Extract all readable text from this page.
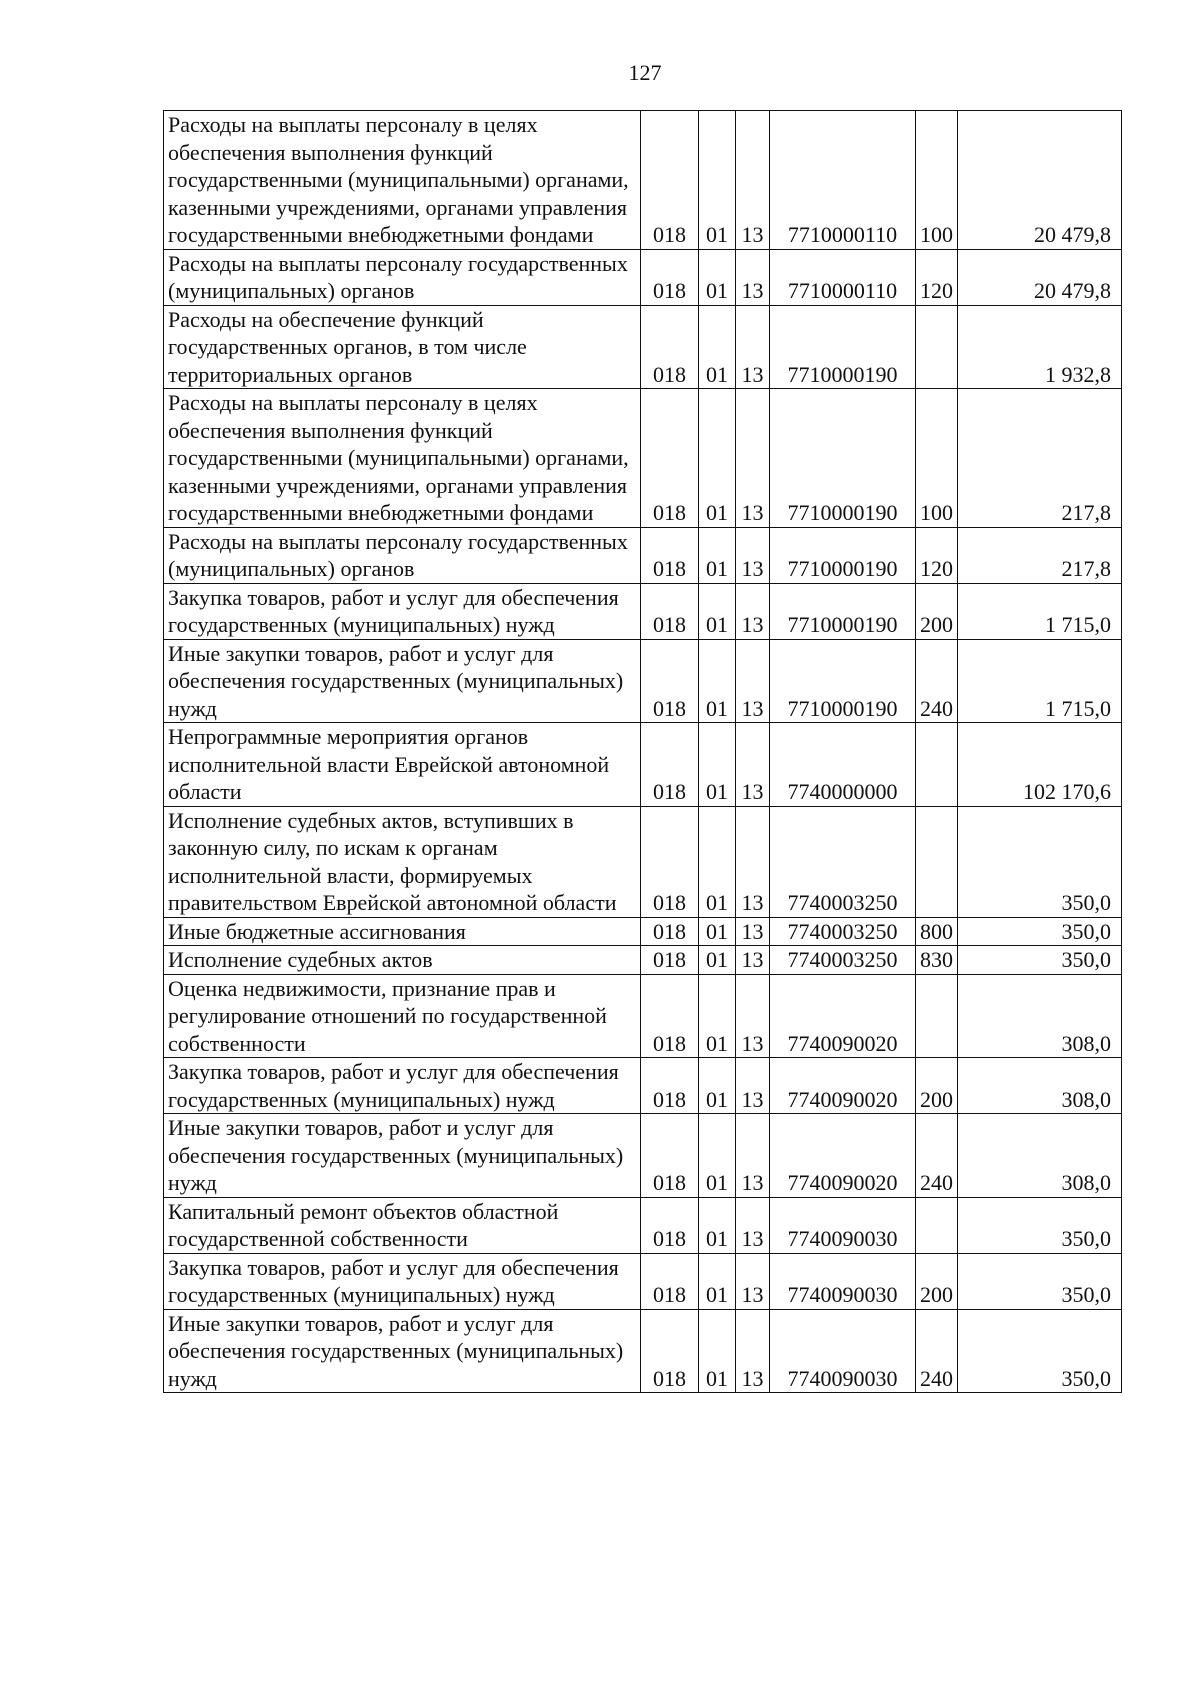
127
Расходы на выплаты персоналу в целях обеспечения выполнения функций государственными (муниципальными) органами, казенными учреждениями, органами управления государственными внебюджетными фондами	018	01	13	7710000110	100	20 479,8
Расходы на выплаты персоналу государственных (муниципальных) органов	018	01	13	7710000110	120	20 479,8
Расходы на обеспечение функций государственных органов, в том числе территориальных органов	018	01	13	7710000190		1 932,8
Расходы на выплаты персоналу в целях обеспечения выполнения функций государственными (муниципальными) органами, казенными учреждениями, органами управления государственными внебюджетными фондами	018	01	13	7710000190	100	217,8
Расходы на выплаты персоналу государственных (муниципальных) органов	018	01	13	7710000190	120	217,8
Закупка товаров, работ и услуг для обеспечения государственных (муниципальных) нужд	018	01	13	7710000190	200	1 715,0
Иные закупки товаров, работ и услуг для обеспечения государственных (муниципальных) нужд	018	01	13	7710000190	240	1 715,0
Непрограммные мероприятия органов исполнительной власти Еврейской автономной области	018	01	13	7740000000		102 170,6
Исполнение судебных актов, вступивших в законную силу, по искам к органам исполнительной власти, формируемых правительством Еврейской автономной области	018	01	13	7740003250		350,0
Иные бюджетные ассигнования	018	01	13	7740003250	800	350,0
Исполнение судебных актов	018	01	13	7740003250	830	350,0
Оценка недвижимости, признание прав и регулирование отношений по государственной собственности	018	01	13	7740090020		308,0
Закупка товаров, работ и услуг для обеспечения государственных (муниципальных) нужд	018	01	13	7740090020	200	308,0
Иные закупки товаров, работ и услуг для обеспечения государственных (муниципальных) нужд	018	01	13	7740090020	240	308,0
Капитальный ремонт объектов областной государственной собственности	018	01	13	7740090030		350,0
Закупка товаров, работ и услуг для обеспечения государственных (муниципальных) нужд	018	01	13	7740090030	200	350,0
Иные закупки товаров, работ и услуг для обеспечения государственных (муниципальных) нужд	018	01	13	7740090030	240	350,0
